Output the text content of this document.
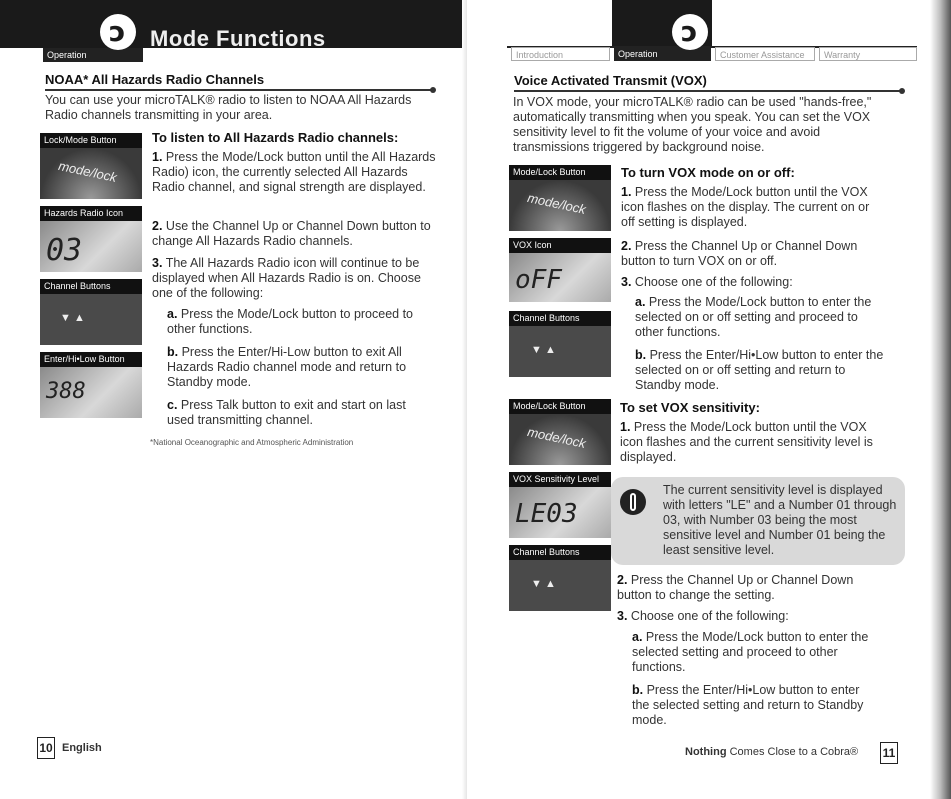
Operation
ɔ Mode Functions
NOAA* All Hazards Radio Channels
You can use your microTALK® radio to listen to NOAA All Hazards Radio channels transmitting in your area.
Lock/Mode Button
mode/lock
Hazards Radio Icon
03
Channel Buttons
▼ ▲
Enter/Hi•Low Button
388
To listen to All Hazards Radio channels:
1. Press the Mode/Lock button until the All Hazards Radio) icon, the currently selected All Hazards Radio channel, and signal strength are displayed.
2. Use the Channel Up or Channel Down button to change All Hazards Radio channels.
3. The All Hazards Radio icon will continue to be displayed when All Hazards Radio is on. Choose one of the following:
a. Press the Mode/Lock button to proceed to other functions.
b. Press the Enter/Hi-Low button to exit All Hazards Radio channel mode and return to Standby mode.
c. Press Talk button to exit and start on last used transmitting channel.
*National Oceanographic and Atmospheric Administration
10 English
Introduction	Operation	Customer Assistance	Warranty
ɔ
Voice Activated Transmit (VOX)
In VOX mode, your microTALK® radio can be used "hands-free," automatically transmitting when you speak. You can set the VOX sensitivity level to fit the volume of your voice and avoid transmissions triggered by background noise.
Mode/Lock Button
mode/lock
VOX Icon
oFF
Channel Buttons
▼ ▲
Mode/Lock Button
mode/lock
VOX Sensitivity Level
LE03
Channel Buttons
▼ ▲
To turn VOX mode on or off:
1. Press the Mode/Lock button until the VOX icon flashes on the display. The current on or off setting is displayed.
2. Press the Channel Up or Channel Down button to turn VOX on or off.
3. Choose one of the following:
a. Press the Mode/Lock button to enter the selected on or off setting and proceed to other functions.
b. Press the Enter/Hi•Low button to enter the selected on or off setting and return to Standby mode.
To set VOX sensitivity:
1. Press the Mode/Lock button until the VOX icon flashes and the current sensitivity level is displayed.
2. Press the Channel Up or Channel Down button to change the setting.
3. Choose one of the following:
a. Press the Mode/Lock button to enter the selected setting and proceed to other functions.
b. Press the Enter/Hi•Low button to enter the selected setting and return to Standby mode.
Nothing Comes Close to a Cobra® 11
The current sensitivity level is displayed with letters "LE" and a Number 01 through 03, with Number 03 being the most sensitive level and Number 01 being the least sensitive level.
